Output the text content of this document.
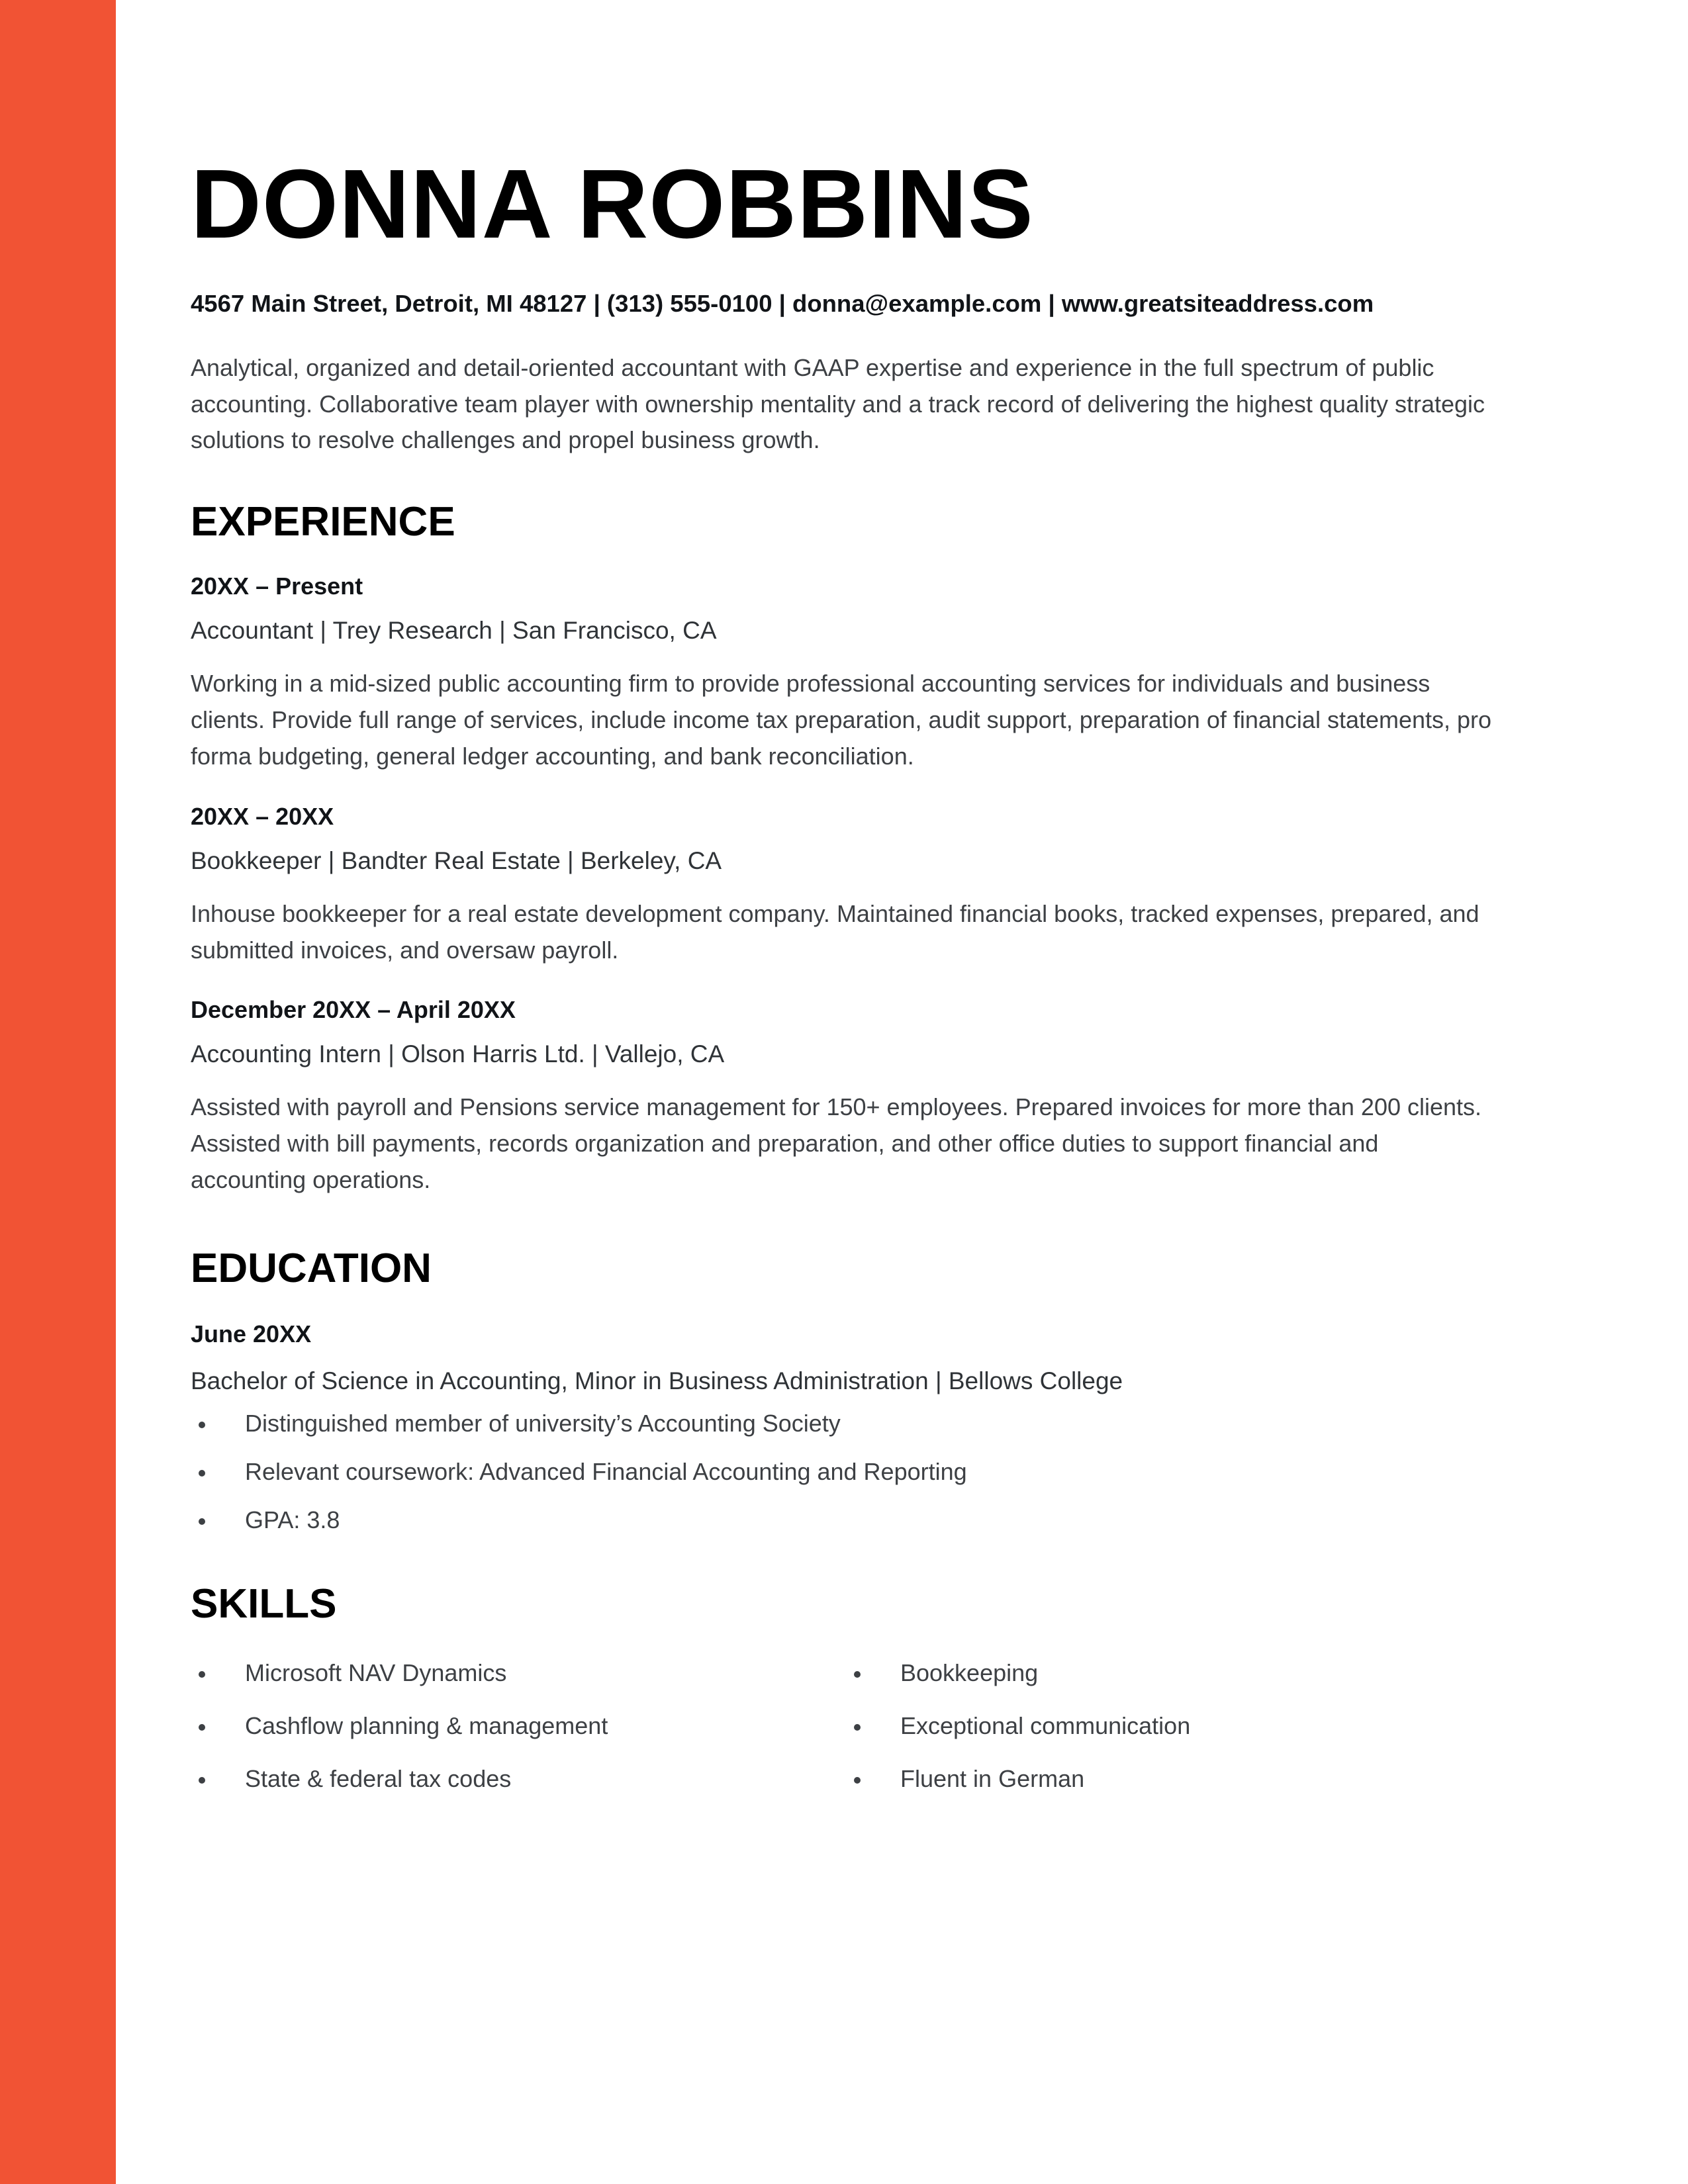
DONNA ROBBINS

4567 Main Street, Detroit, MI 48127 | (313) 555-0100 | donna@example.com | www.greatsiteaddress.com

Analytical, organized and detail-oriented accountant with GAAP expertise and experience in the full spectrum of public accounting. Collaborative team player with ownership mentality and a track record of delivering the highest quality strategic solutions to resolve challenges and propel business growth.

EXPERIENCE

20XX – Present

Accountant | Trey Research | San Francisco, CA

Working in a mid-sized public accounting firm to provide professional accounting services for individuals and business clients. Provide full range of services, include income tax preparation, audit support, preparation of financial statements, pro forma budgeting, general ledger accounting, and bank reconciliation.

20XX – 20XX

Bookkeeper | Bandter Real Estate | Berkeley, CA

Inhouse bookkeeper for a real estate development company. Maintained financial books, tracked expenses, prepared, and submitted invoices, and oversaw payroll.

December 20XX – April 20XX

Accounting Intern | Olson Harris Ltd. | Vallejo, CA

Assisted with payroll and Pensions service management for 150+ employees. Prepared invoices for more than 200 clients. Assisted with bill payments, records organization and preparation, and other office duties to support financial and accounting operations.

EDUCATION

June 20XX

Bachelor of Science in Accounting, Minor in Business Administration | Bellows College

Distinguished member of university’s Accounting Society
Relevant coursework: Advanced Financial Accounting and Reporting
GPA: 3.8
SKILLS
Microsoft NAV Dynamics
Cashflow planning & management
State & federal tax codes
Bookkeeping
Exceptional communication
Fluent in German
